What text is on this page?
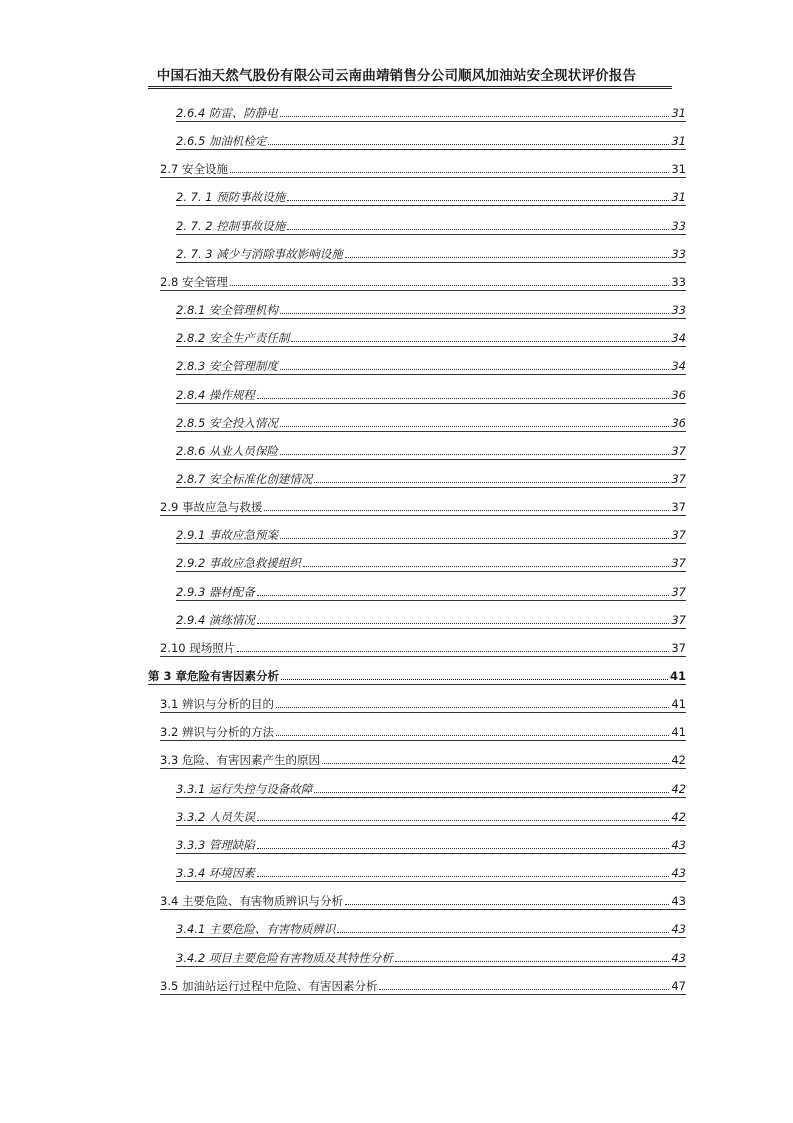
中国石油天然气股份有限公司云南曲靖销售分公司顺风加油站安全现状评价报告
2.6.4 防雷、防静电	31
2.6.5 加油机检定	31
2.7 安全设施	31
2. 7. 1 预防事故设施	31
2. 7. 2 控制事故设施	33
2. 7. 3 减少与消除事故影响设施	33
2.8 安全管理	33
2.8.1 安全管理机构	33
2.8.2 安全生产责任制	34
2.8.3 安全管理制度	34
2.8.4 操作规程	36
2.8.5 安全投入情况	36
2.8.6 从业人员保险	37
2.8.7 安全标准化创建情况	37
2.9 事故应急与救援	37
2.9.1 事故应急预案	37
2.9.2 事故应急救援组织	37
2.9.3 器材配备	37
2.9.4 演练情况	37
2.10 现场照片	37
第 3 章危险有害因素分析	41
3.1 辨识与分析的目的	41
3.2 辨识与分析的方法	41
3.3 危险、有害因素产生的原因	42
3.3.1 运行失控与设备故障	42
3.3.2 人员失误	42
3.3.3 管理缺陷	43
3.3.4 环境因素	43
3.4 主要危险、有害物质辨识与分析	43
3.4.1 主要危险、有害物质辨识	43
3.4.2 项目主要危险有害物质及其特性分析	43
3.5 加油站运行过程中危险、有害因素分析	47
